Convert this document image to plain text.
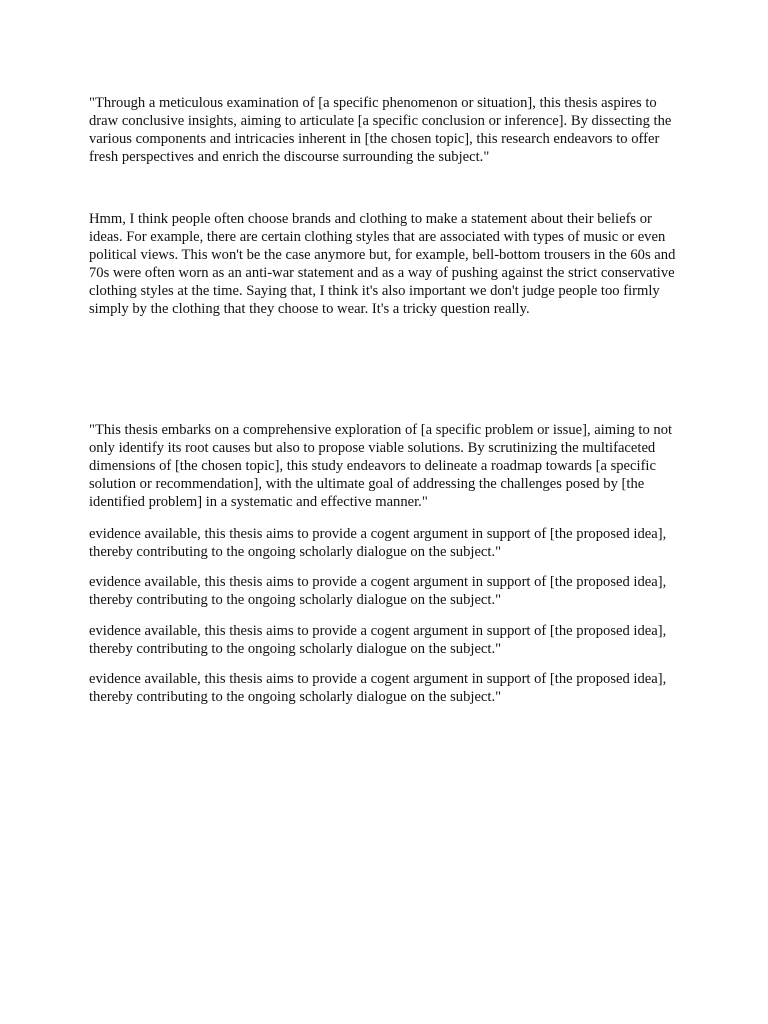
"Through a meticulous examination of [a specific phenomenon or situation], this thesis aspires to draw conclusive insights, aiming to articulate [a specific conclusion or inference]. By dissecting the various components and intricacies inherent in [the chosen topic], this research endeavors to offer fresh perspectives and enrich the discourse surrounding the subject."

Hmm, I think people often choose brands and clothing to make a statement about their beliefs or ideas. For example, there are certain clothing styles that are associated with types of music or even political views. This won't be the case anymore but, for example, bell-bottom trousers in the 60s and 70s were often worn as an anti-war statement and as a way of pushing against the strict conservative clothing styles at the time. Saying that, I think it's also important we don't judge people too firmly simply by the clothing that they choose to wear. It's a tricky question really.

"This thesis embarks on a comprehensive exploration of [a specific problem or issue], aiming to not only identify its root causes but also to propose viable solutions. By scrutinizing the multifaceted dimensions of [the chosen topic], this study endeavors to delineate a roadmap towards [a specific solution or recommendation], with the ultimate goal of addressing the challenges posed by [the identified problem] in a systematic and effective manner."

evidence available, this thesis aims to provide a cogent argument in support of [the proposed idea], thereby contributing to the ongoing scholarly dialogue on the subject."

evidence available, this thesis aims to provide a cogent argument in support of [the proposed idea], thereby contributing to the ongoing scholarly dialogue on the subject."

evidence available, this thesis aims to provide a cogent argument in support of [the proposed idea], thereby contributing to the ongoing scholarly dialogue on the subject."

evidence available, this thesis aims to provide a cogent argument in support of [the proposed idea], thereby contributing to the ongoing scholarly dialogue on the subject."
